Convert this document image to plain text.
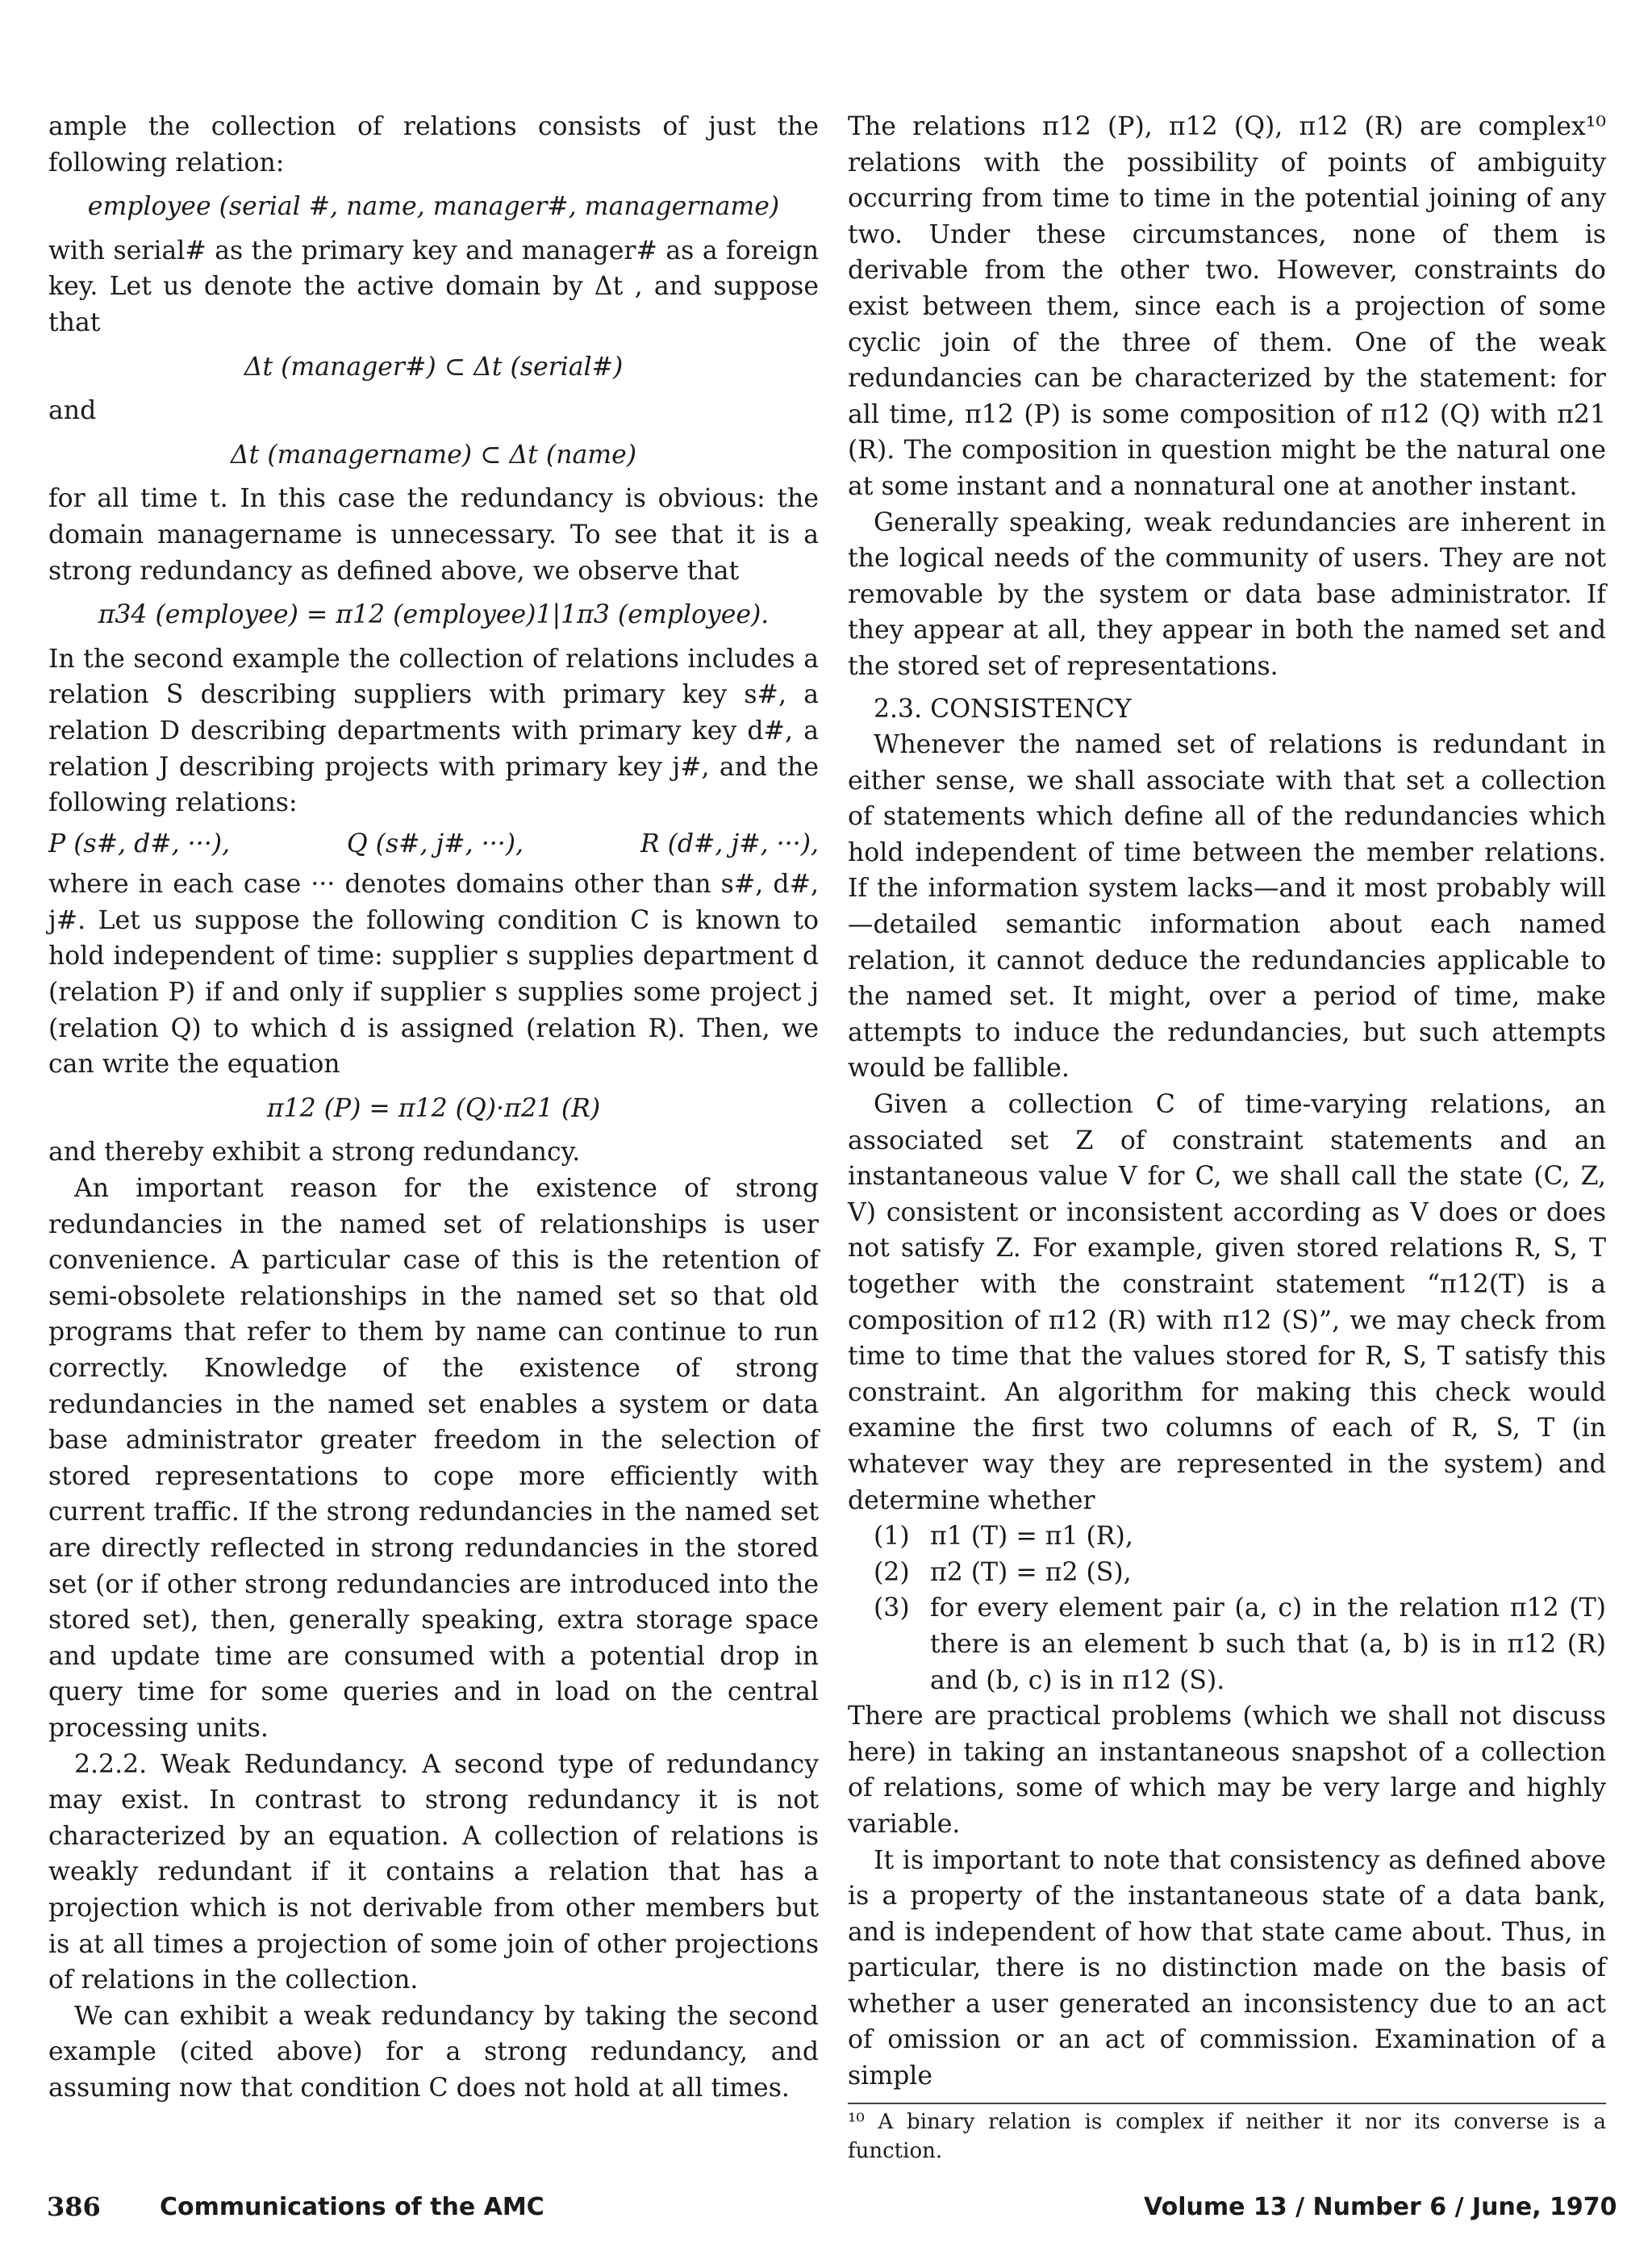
ample the collection of relations consists of just the following relation:

employee (serial #, name, manager#, managername)

with serial# as the primary key and manager# as a foreign key. Let us denote the active domain by Δt , and suppose that

Δt (manager#) ⊂ Δt (serial#)

and

Δt (managername) ⊂ Δt (name)

for all time t. In this case the redundancy is obvious: the domain managername is unnecessary. To see that it is a strong redundancy as defined above, we observe that

π34 (employee) = π12 (employee)1|1π3 (employee).

In the second example the collection of relations includes a relation S describing suppliers with primary key s#, a relation D describing departments with primary key d#, a relation J describing projects with primary key j#, and the following relations:

P (s#, d#, ···),	Q (s#, j#, ···),	R (d#, j#, ···),

where in each case ··· denotes domains other than s#, d#, j#. Let us suppose the following condition C is known to hold independent of time: supplier s supplies department d (relation P) if and only if supplier s supplies some project j (relation Q) to which d is assigned (relation R). Then, we can write the equation

π12 (P) = π12 (Q)·π21 (R)

and thereby exhibit a strong redundancy.

An important reason for the existence of strong redundancies in the named set of relationships is user convenience. A particular case of this is the retention of semi-obsolete relationships in the named set so that old programs that refer to them by name can continue to run correctly. Knowledge of the existence of strong redundancies in the named set enables a system or data base administrator greater freedom in the selection of stored representations to cope more efficiently with current traffic. If the strong redundancies in the named set are directly reflected in strong redundancies in the stored set (or if other strong redundancies are introduced into the stored set), then, generally speaking, extra storage space and update time are consumed with a potential drop in query time for some queries and in load on the central processing units.

2.2.2. Weak Redundancy. A second type of redundancy may exist. In contrast to strong redundancy it is not characterized by an equation. A collection of relations is weakly redundant if it contains a relation that has a projection which is not derivable from other members but is at all times a projection of some join of other projections of relations in the collection.

We can exhibit a weak redundancy by taking the second example (cited above) for a strong redundancy, and assuming now that condition C does not hold at all times.

The relations π12 (P), π12 (Q), π12 (R) are complex¹⁰ relations with the possibility of points of ambiguity occurring from time to time in the potential joining of any two. Under these circumstances, none of them is derivable from the other two. However, constraints do exist between them, since each is a projection of some cyclic join of the three of them. One of the weak redundancies can be characterized by the statement: for all time, π12 (P) is some composition of π12 (Q) with π21 (R). The composition in question might be the natural one at some instant and a nonnatural one at another instant.

Generally speaking, weak redundancies are inherent in the logical needs of the community of users. They are not removable by the system or data base administrator. If they appear at all, they appear in both the named set and the stored set of representations.

2.3. CONSISTENCY

Whenever the named set of relations is redundant in either sense, we shall associate with that set a collection of statements which define all of the redundancies which hold independent of time between the member relations. If the information system lacks—and it most probably will—detailed semantic information about each named relation, it cannot deduce the redundancies applicable to the named set. It might, over a period of time, make attempts to induce the redundancies, but such attempts would be fallible.

Given a collection C of time-varying relations, an associated set Z of constraint statements and an instantaneous value V for C, we shall call the state (C, Z, V) consistent or inconsistent according as V does or does not satisfy Z. For example, given stored relations R, S, T together with the constraint statement “π12(T) is a composition of π12 (R) with π12 (S)”, we may check from time to time that the values stored for R, S, T satisfy this constraint. An algorithm for making this check would examine the first two columns of each of R, S, T (in whatever way they are represented in the system) and determine whether

(1) π1 (T) = π1 (R),
(2) π2 (T) = π2 (S),
(3) for every element pair (a, c) in the relation π12 (T) there is an element b such that (a, b) is in π12 (R) and (b, c) is in π12 (S).

There are practical problems (which we shall not discuss here) in taking an instantaneous snapshot of a collection of relations, some of which may be very large and highly variable.

It is important to note that consistency as defined above is a property of the instantaneous state of a data bank, and is independent of how that state came about. Thus, in particular, there is no distinction made on the basis of whether a user generated an inconsistency due to an act of omission or an act of commission. Examination of a simple

¹⁰ A binary relation is complex if neither it nor its converse is a function.

386 Communications of the AMC	Volume 13 / Number 6 / June, 1970
